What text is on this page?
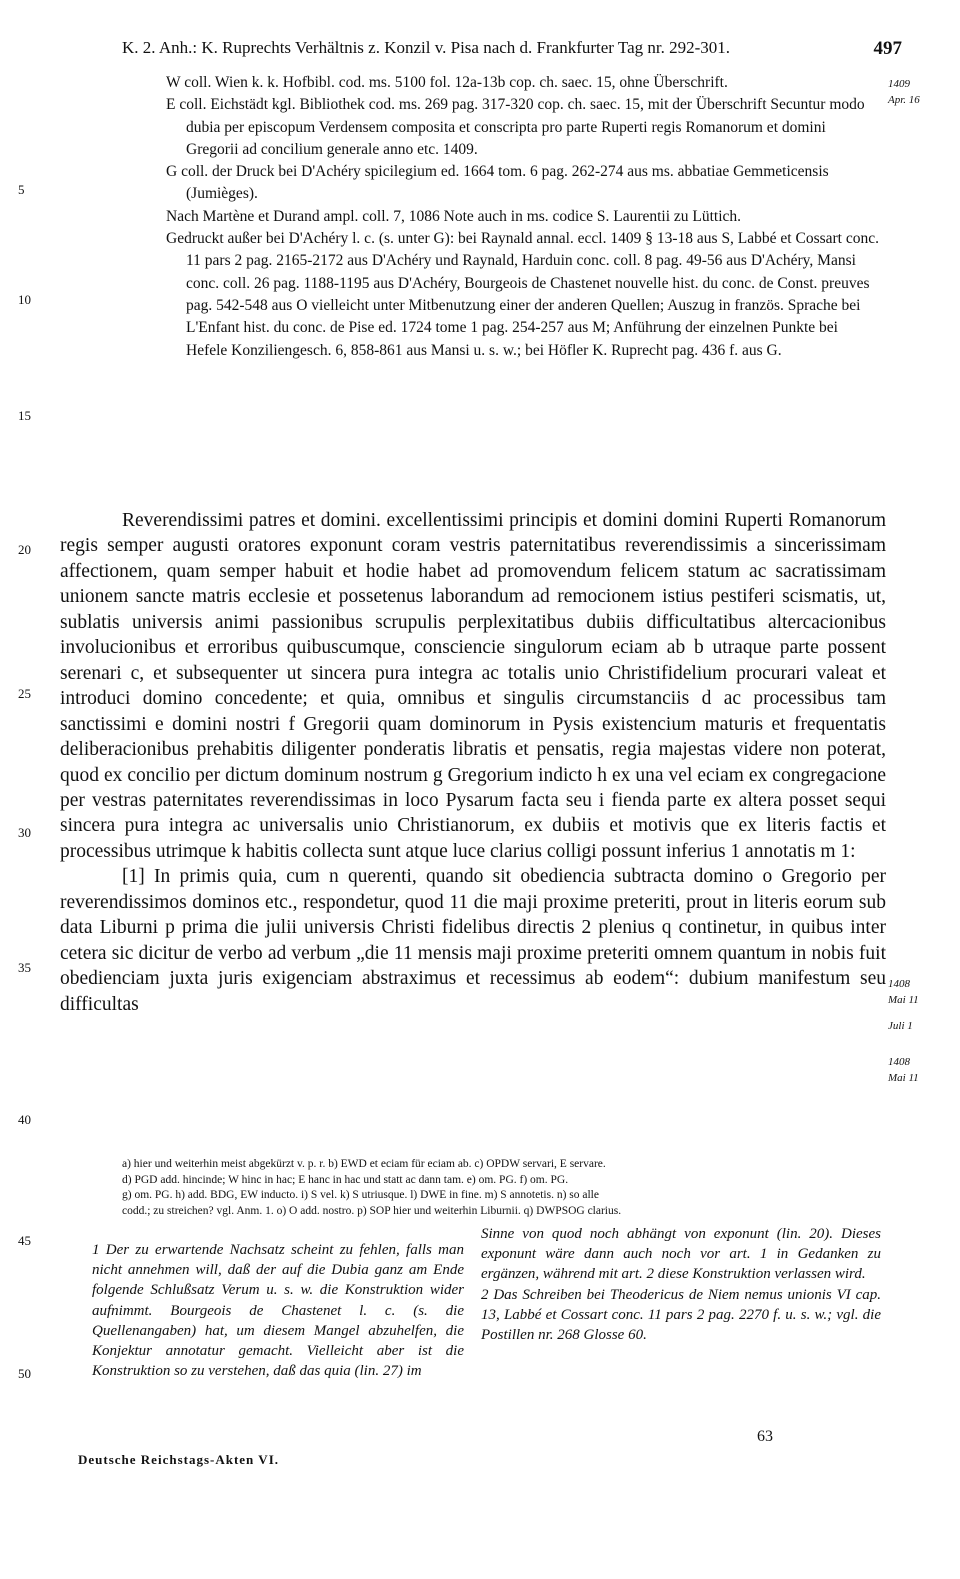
K. 2. Anh.: K. Ruprechts Verhältnis z. Konzil v. Pisa nach d. Frankfurter Tag nr. 292-301.	497
5
10
15
20
25
30
35
40
45
50
1409
Apr. 16
1408
Mai 11
Juli 1
1408
Mai 11

W coll. Wien k. k. Hofbibl. cod. ms. 5100 fol. 12a-13b cop. ch. saec. 15, ohne Überschrift.

E coll. Eichstädt kgl. Bibliothek cod. ms. 269 pag. 317-320 cop. ch. saec. 15, mit der Überschrift Secuntur modo dubia per episcopum Verdensem composita et conscripta pro parte Ruperti regis Romanorum et domini Gregorii ad concilium generale anno etc. 1409.

G coll. der Druck bei D'Achéry spicilegium ed. 1664 tom. 6 pag. 262-274 aus ms. abbatiae Gemmeticensis (Jumièges).

Nach Martène et Durand ampl. coll. 7, 1086 Note auch in ms. codice S. Laurentii zu Lüttich.

Gedruckt außer bei D'Achéry l. c. (s. unter G): bei Raynald annal. eccl. 1409 § 13-18 aus S, Labbé et Cossart conc. 11 pars 2 pag. 2165-2172 aus D'Achéry und Raynald, Harduin conc. coll. 8 pag. 49-56 aus D'Achéry, Mansi conc. coll. 26 pag. 1188-1195 aus D'Achéry, Bourgeois de Chastenet nouvelle hist. du conc. de Const. preuves pag. 542-548 aus O vielleicht unter Mitbenutzung einer der anderen Quellen; Auszug in französ. Sprache bei L'Enfant hist. du conc. de Pise ed. 1724 tome 1 pag. 254-257 aus M; Anführung der einzelnen Punkte bei Hefele Konziliengesch. 6, 858-861 aus Mansi u. s. w.; bei Höfler K. Ruprecht pag. 436 f. aus G.

Reverendissimi patres et domini. excellentissimi principis et domini domini Ruperti Romanorum regis semper augusti oratores exponunt coram vestris paternitatibus reverendissimis a sincerissimam affectionem, quam semper habuit et hodie habet ad promovendum felicem statum ac sacratissimam unionem sancte matris ecclesie et possetenus laborandum ad remocionem istius pestiferi scismatis, ut, sublatis universis animi passionibus scrupulis perplexitatibus dubiis difficultatibus altercacionibus involucionibus et erroribus quibuscumque, consciencie singulorum eciam ab b utraque parte possent serenari c, et subsequenter ut sincera pura integra ac totalis unio Christifidelium procurari valeat et introduci domino concedente; et quia, omnibus et singulis circumstanciis d ac processibus tam sanctissimi e domini nostri f Gregorii quam dominorum in Pysis existencium maturis et frequentatis deliberacionibus prehabitis diligenter ponderatis libratis et pensatis, regia majestas videre non poterat, quod ex concilio per dictum dominum nostrum g Gregorium indicto h ex una vel eciam ex congregacione per vestras paternitates reverendissimas in loco Pysarum facta seu i fienda parte ex altera posset sequi sincera pura integra ac universalis unio Christianorum, ex dubiis et motivis que ex literis factis et processibus utrimque k habitis collecta sunt atque luce clarius colligi possunt inferius 1 annotatis m 1:

[1] In primis quia, cum n querenti, quando sit obediencia subtracta domino o Gregorio per reverendissimos dominos etc., respondetur, quod 11 die maji proxime preteriti, prout in literis eorum sub data Liburni p prima die julii universis Christi fidelibus directis 2 plenius q continetur, in quibus inter cetera sic dicitur de verbo ad verbum „die 11 mensis maji proxime preteriti omnem quantum in nobis fuit obedienciam juxta juris exigenciam abstraximus et recessimus ab eodem“: dubium manifestum seu difficultas

a) hier und weiterhin meist abgekürzt v. p. r. b) EWD et eciam für eciam ab. c) OPDW servari, E servare.
d) PGD add. hincinde; W hinc in hac; E hanc in hac und statt ac dann tam. e) om. PG. f) om. PG.
g) om. PG. h) add. BDG, EW inducto. i) S vel. k) S utriusque. l) DWE in fine. m) S annotetis. n) so alle
codd.; zu streichen? vgl. Anm. 1. o) O add. nostro. p) SOP hier und weiterhin Liburnii. q) DWPSOG clarius.

1 Der zu erwartende Nachsatz scheint zu fehlen, falls man nicht annehmen will, daß der auf die Dubia ganz am Ende folgende Schlußsatz Verum u. s. w. die Konstruktion wider aufnimmt. Bourgeois de Chastenet l. c. (s. die Quellenangaben) hat, um diesem Mangel abzuhelfen, die Konjektur annotatur gemacht. Vielleicht aber ist die Konstruktion so zu verstehen, daß das quia (lin. 27) im

Sinne von quod noch abhängt von exponunt (lin. 20). Dieses exponunt wäre dann auch noch vor art. 1 in Gedanken zu ergänzen, während mit art. 2 diese Konstruktion verlassen wird.

2 Das Schreiben bei Theodericus de Niem nemus unionis VI cap. 13, Labbé et Cossart conc. 11 pars 2 pag. 2270 f. u. s. w.; vgl. die Postillen nr. 268 Glosse 60.

Deutsche Reichstags-Akten VI.
63
